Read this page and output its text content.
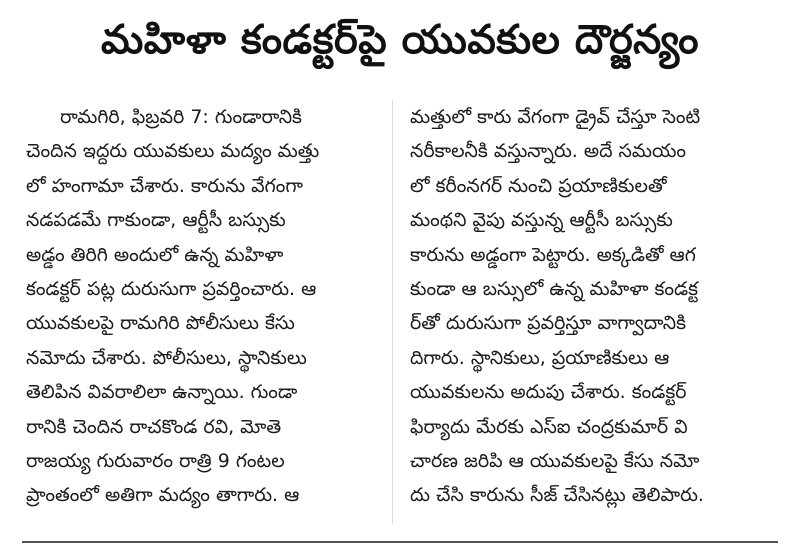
మహిళా కండక్టర్‌పై యువకుల దౌర్జన్యం
రామగిరి, ఫిబ్రవరి 7: గుండారానికి
చెందిన ఇద్దరు యువకులు మద్యం మత్తు
లో హంగామా చేశారు. కారును వేగంగా
నడపడమే గాకుండా, ఆర్టీసీ బస్సుకు
అడ్డం తిరిగి అందులో ఉన్న మహిళా
కండక్టర్ పట్ల దురుసుగా ప్రవర్తించారు. ఆ
యువకులపై రామగిరి పోలీసులు కేసు
నమోదు చేశారు. పోలీసులు, స్థానికులు
తెలిపిన వివరాలిలా ఉన్నాయి. గుండా
రానికి చెందిన రాచకొండ రవి, మోతె
రాజయ్య గురువారం రాత్రి 9 గంటల
ప్రాంతంలో అతిగా మద్యం తాగారు. ఆ
మత్తులో కారు వేగంగా డ్రైవ్ చేస్తూ సెంటి
నరీకాలనీకి వస్తున్నారు. అదే సమయం
లో కరీంనగర్ నుంచి ప్రయాణికులతో
మంథని వైపు వస్తున్న ఆర్టీసీ బస్సుకు
కారును అడ్డంగా పెట్టారు. అక్కడితో ఆగ
కుండా ఆ బస్సులో ఉన్న మహిళా కండక్ట
ర్‌తో దురుసుగా ప్రవర్తిస్తూ వాగ్వాదానికి
దిగారు. స్థానికులు, ప్రయాణికులు ఆ
యువకులను అదుపు చేశారు. కండక్టర్
ఫిర్యాదు మేరకు ఎస్ఐ చంద్రకుమార్ వి
చారణ జరిపి ఆ యువకులపై కేసు నమో
దు చేసి కారును సీజ్ చేసినట్లు తెలిపారు.
